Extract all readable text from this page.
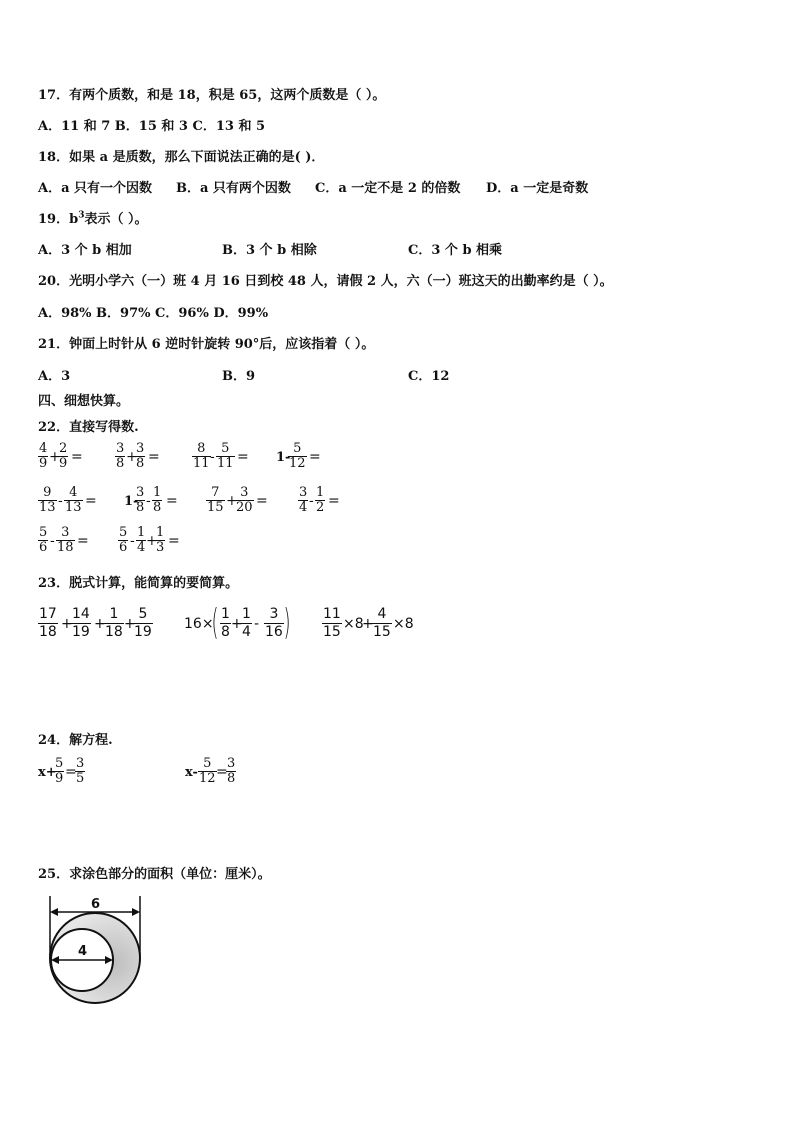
17．有两个质数，和是 18，积是 65，这两个质数是（ ）。
A．11 和 7 B．15 和 3 C．13 和 5
18．如果 a 是质数，那么下面说法正确的是( )．
A．a 只有一个因数 B．a 只有两个因数 C．a 一定不是 2 的倍数 D．a 一定是奇数
19．$b^3$表示（ ）。
A．3 个 b 相加	B．3 个 b 相除	C．3 个 b 相乘
20．光明小学六（一）班 4 月 16 日到校 48 人，请假 2 人，六（一）班这天的出勤率约是（ ）。
A．98% B．97% C．96% D．99%
21．钟面上时针从 6 逆时针旋转 90°后，应该指着（ ）。
A．3	B．9	C．12
四、细想快算。
22．直接写得数.
4
9 +
2
9 =
3
8 +
3
8 =
8
11 -
5
11 = 1-
5
12 =
9
13 -
4
13 = 1-
3
8 -
1
8 =
7
15 +
3
20 =
3
4 -
1
2 =
5
6 -
3
18 =
5
6 -
1
4 +
1
3 =
23．脱式计算，能简算的要简算。
17
18 +
14
19 +
1
18 +
5
19 16×
( 1
8 +
1
4 -
3
16 ) 11
15 ×8
+
4
15 ×8
24．解方程.
x+
5
9 =
3
5	x-
5
12 =
3
8
25．求涂色部分的面积（单位：厘米）。
6
4
